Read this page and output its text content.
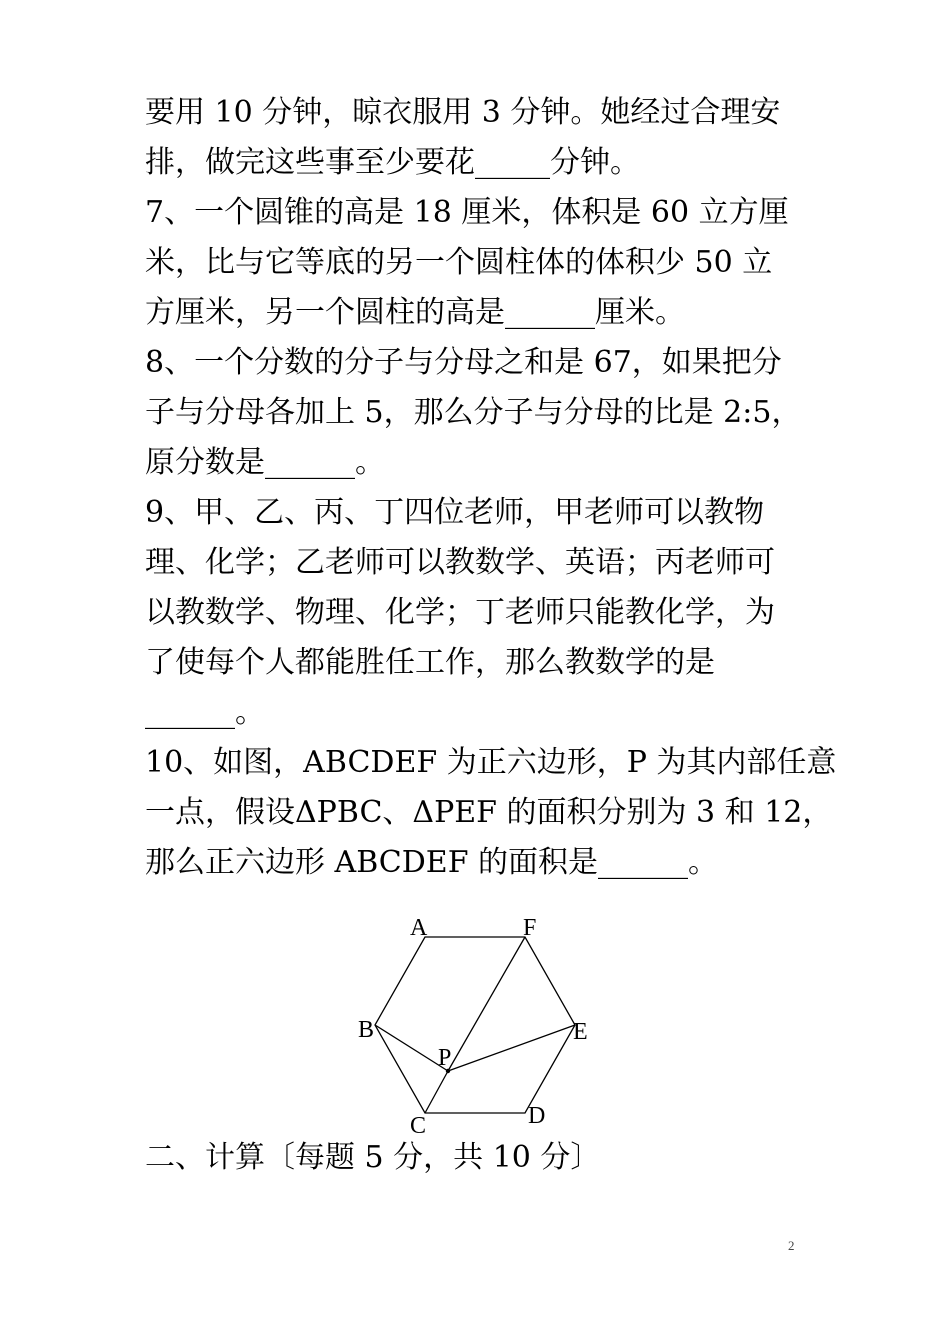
要用 10 分钟，晾衣服用 3 分钟。她经过合理安
排，做完这些事至少要花_____分钟。
7、一个圆锥的高是 18 厘米，体积是 60 立方厘
米，比与它等底的另一个圆柱体的体积少 50 立
方厘米，另一个圆柱的高是______厘米。
8、一个分数的分子与分母之和是 67，如果把分
子与分母各加上 5，那么分子与分母的比是 2:5，
原分数是______。
9、甲、乙、丙、丁四位老师，甲老师可以教物
理、化学；乙老师可以教数学、英语；丙老师可
以教数学、物理、化学；丁老师只能教化学，为
了使每个人都能胜任工作，那么教数学的是
______。
10、如图，ABCDEF 为正六边形，P 为其内部任意
一点，假设ΔPBC、ΔPEF 的面积分别为 3 和 12，
那么正六边形 ABCDEF 的面积是______。
A	F
B	E
P
C	D
二、计算〔每题 5 分，共 10 分〕
2
